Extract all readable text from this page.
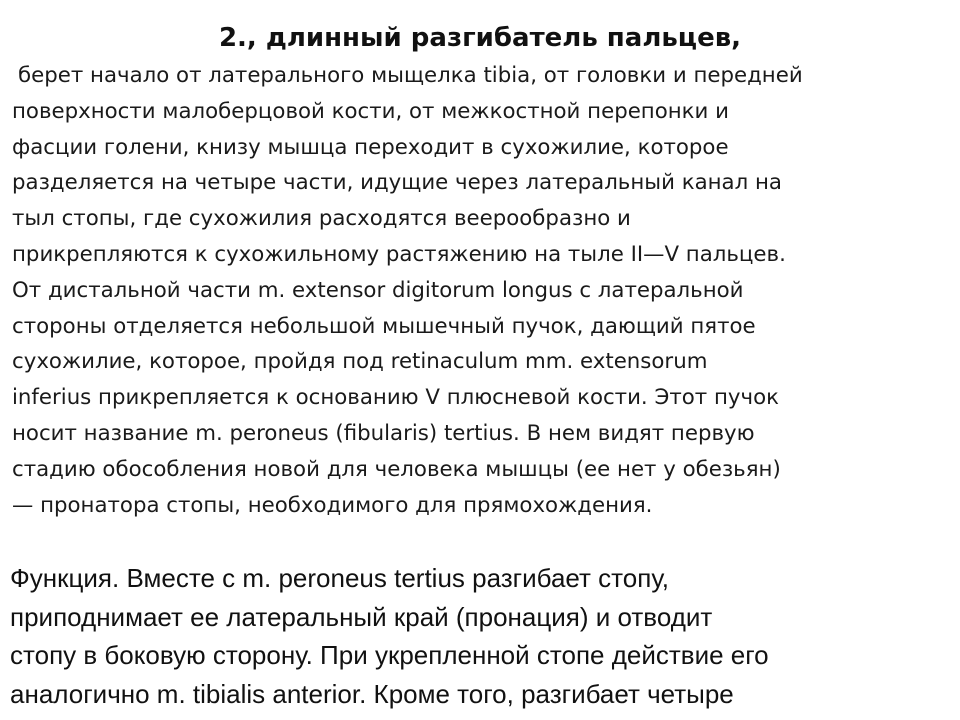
2., длинный разгибатель пальцев,
берет начало от латерального мыщелка tibia, от головки и передней
поверхности малоберцовой кости, от межкостной перепонки и
фасции голени, книзу мышца переходит в сухожилие, которое
разделяется на четыре части, идущие через латеральный канал на
тыл стопы, где сухожилия расходятся веерообразно и
прикрепляются к сухожильному растяжению на тыле II—V пальцев.
От дистальной части m. extensor digitorum longus с латеральной
стороны отделяется небольшой мышечный пучок, дающий пятое
сухожилие, которое, пройдя под retinaculum mm. extensorum
inferius прикрепляется к основанию V плюсневой кости. Этот пучок
носит название m. peroneus (fibularis) tertius. В нем видят первую
стадию обособления новой для человека мышцы (ее нет у обезьян)
— пронатора стопы, необходимого для прямохождения.
Функция. Вместе с m. peroneus tertius разгибает стопу,
приподнимает ее латеральный край (пронация) и отводит
стопу в боковую сторону. При укрепленной стопе действие его
аналогично m. tibialis anterior. Кроме того, разгибает четыре
